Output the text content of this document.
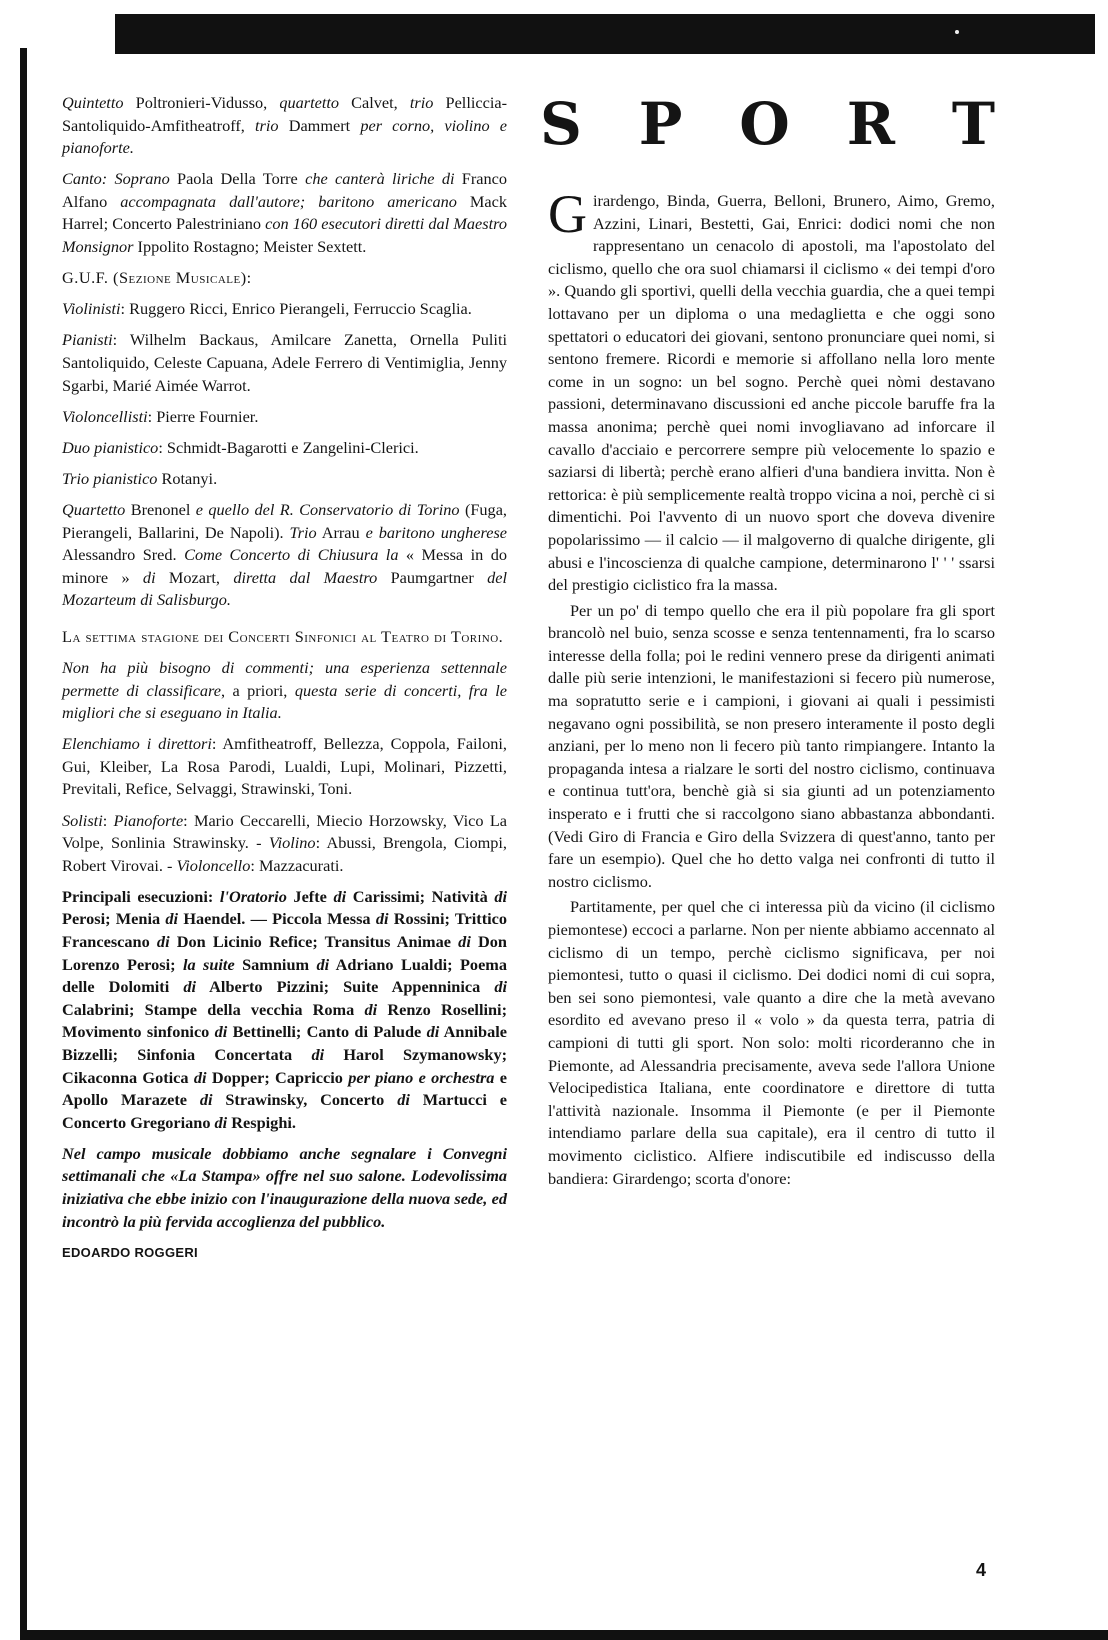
Quintetto Poltronieri-Vidusso, quartetto Calvet, trio Pelliccia-Santoliquido-Amfitheatroff, trio Dammert per corno, violino e pianoforte.

Canto: Soprano Paola Della Torre che canterà liriche di Franco Alfano accompagnata dall'autore; baritono americano Mack Harrel; Concerto Palestriniano con 160 esecutori diretti dal Maestro Monsignor Ippolito Rostagno; Meister Sextett.

G.U.F. (Sezione Musicale):

Violinisti: Ruggero Ricci, Enrico Pierangeli, Ferruccio Scaglia.

Pianisti: Wilhelm Backaus, Amilcare Zanetta, Ornella Puliti Santoliquido, Celeste Capuana, Adele Ferrero di Ventimiglia, Jenny Sgarbi, Marié Aimée Warrot.

Violoncellisti: Pierre Fournier.

Duo pianistico: Schmidt-Bagarotti e Zangelini-Clerici.

Trio pianistico Rotanyi.

Quartetto Brenonel e quello del R. Conservatorio di Torino (Fuga, Pierangeli, Ballarini, De Napoli). Trio Arrau e baritono ungherese Alessandro Sred. Come Concerto di Chiusura la « Messa in do minore » di Mozart, diretta dal Maestro Paumgartner del Mozarteum di Salisburgo.

La settima stagione dei Concerti Sinfonici al Teatro di Torino.

Non ha più bisogno di commenti; una esperienza settennale permette di classificare, a priori, questa serie di concerti, fra le migliori che si eseguano in Italia.

Elenchiamo i direttori: Amfitheatroff, Bellezza, Coppola, Failoni, Gui, Kleiber, La Rosa Parodi, Lualdi, Lupi, Molinari, Pizzetti, Previtali, Refice, Selvaggi, Strawinski, Toni.

Solisti: Pianoforte: Mario Ceccarelli, Miecio Horzowsky, Vico La Volpe, Sonlinia Strawinsky. - Violino: Abussi, Brengola, Ciompi, Robert Virovai. - Violoncello: Mazzacurati.

Principali esecuzioni: l'Oratorio Jefte di Carissimi; Natività di Perosi; Menia di Haendel. — Piccola Messa di Rossini; Trittico Francescano di Don Licinio Refice; Transitus Animae di Don Lorenzo Perosi; la suite Samnium di Adriano Lualdi; Poema delle Dolomiti di Alberto Pizzini; Suite Appenninica di Calabrini; Stampe della vecchia Roma di Renzo Rosellini; Movimento sinfonico di Bettinelli; Canto di Palude di Annibale Bizzelli; Sinfonia Concertata di Harol Szymanowsky; Cikaconna Gotica di Dopper; Capriccio per piano e orchestra e Apollo Marazete di Strawinsky, Concerto di Martucci e Concerto Gregoriano di Respighi.

Nel campo musicale dobbiamo anche segnalare i Convegni settimanali che «La Stampa» offre nel suo salone. Lodevolissima iniziativa che ebbe inizio con l'inaugurazione della nuova sede, ed incontrò la più fervida accoglienza del pubblico.

EDOARDO ROGGERI

S P O R T

Girardengo, Binda, Guerra, Belloni, Brunero, Aimo, Gremo, Azzini, Linari, Bestetti, Gai, Enrici: dodici nomi che non rappresentano un cenacolo di apostoli, ma l'apostolato del ciclismo, quello che ora suol chiamarsi il ciclismo « dei tempi d'oro ». Quando gli sportivi, quelli della vecchia guardia, che a quei tempi lottavano per un diploma o una medaglietta e che oggi sono spettatori o educatori dei giovani, sentono pronunciare quei nomi, si sentono fremere. Ricordi e memorie si affollano nella loro mente come in un sogno: un bel sogno. Perchè quei nòmi destavano passioni, determinavano discussioni ed anche piccole baruffe fra la massa anonima; perchè quei nomi invogliavano ad inforcare il cavallo d'acciaio e percorrere sempre più velocemente lo spazio e saziarsi di libertà; perchè erano alfieri d'una bandiera invitta. Non è rettorica: è più semplicemente realtà troppo vicina a noi, perchè ci si dimentichi. Poi l'avvento di un nuovo sport che doveva divenire popolarissimo — il calcio — il malgoverno di qualche dirigente, gli abusi e l'incoscienza di qualche campione, determinarono l' ' ' ssarsi del prestigio ciclistico fra la massa.

Per un po' di tempo quello che era il più popolare fra gli sport brancolò nel buio, senza scosse e senza tentennamenti, fra lo scarso interesse della folla; poi le redini vennero prese da dirigenti animati dalle più serie intenzioni, le manifestazioni si fecero più numerose, ma sopratutto serie e i campioni, i giovani ai quali i pessimisti negavano ogni possibilità, se non presero interamente il posto degli anziani, per lo meno non li fecero più tanto rimpiangere. Intanto la propaganda intesa a rialzare le sorti del nostro ciclismo, continuava e continua tutt'ora, benchè già si sia giunti ad un potenziamento insperato e i frutti che si raccolgono siano abbastanza abbondanti. (Vedi Giro di Francia e Giro della Svizzera di quest'anno, tanto per fare un esempio). Quel che ho detto valga nei confronti di tutto il nostro ciclismo.

Partitamente, per quel che ci interessa più da vicino (il ciclismo piemontese) eccoci a parlarne. Non per niente abbiamo accennato al ciclismo di un tempo, perchè ciclismo significava, per noi piemontesi, tutto o quasi il ciclismo. Dei dodici nomi di cui sopra, ben sei sono piemontesi, vale quanto a dire che la metà avevano esordito ed avevano preso il « volo » da questa terra, patria di campioni di tutti gli sport. Non solo: molti ricorderanno che in Piemonte, ad Alessandria precisamente, aveva sede l'allora Unione Velocipedistica Italiana, ente coordinatore e direttore di tutta l'attività nazionale. Insomma il Piemonte (e per il Piemonte intendiamo parlare della sua capitale), era il centro di tutto il movimento ciclistico. Alfiere indiscutibile ed indiscusso della bandiera: Girardengo; scorta d'onore:

4
